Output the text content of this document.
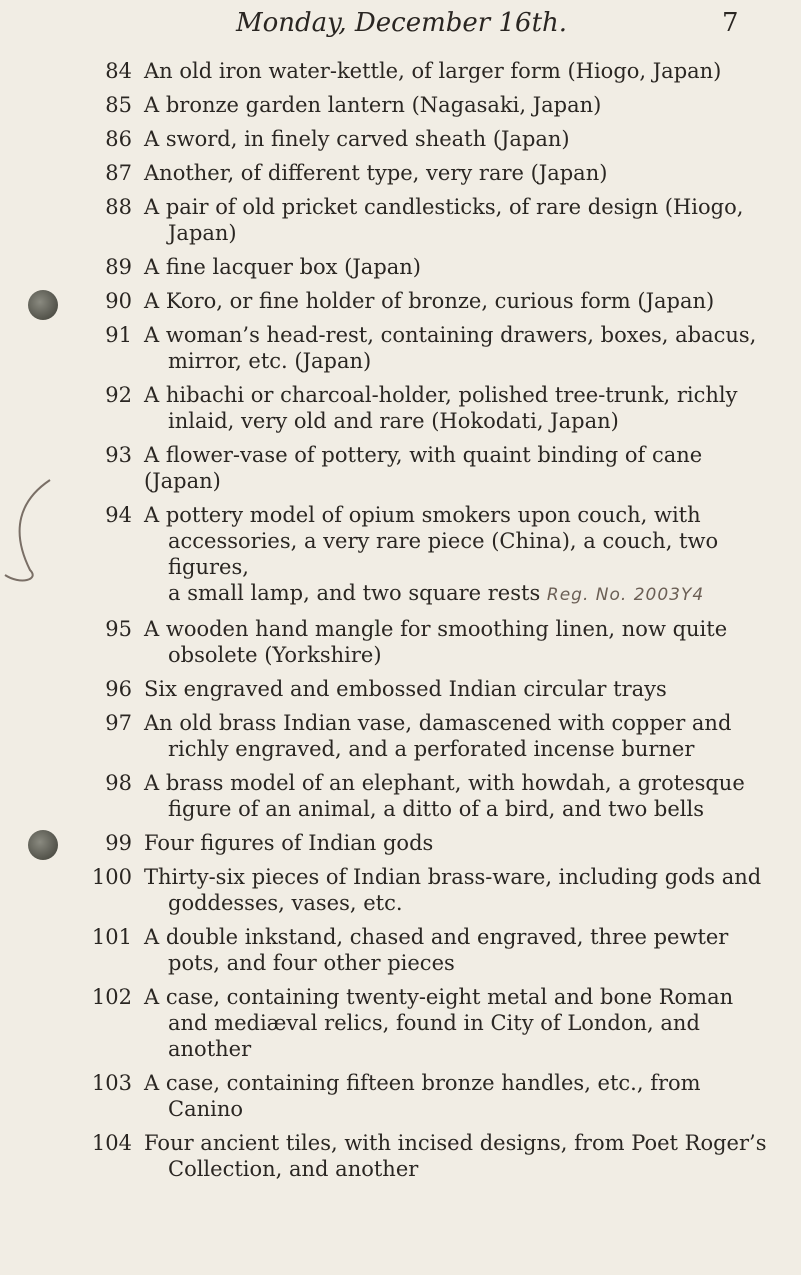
Monday, December 16th.	7
84 An old iron water-kettle, of larger form (Hiogo, Japan)
85 A bronze garden lantern (Nagasaki, Japan)
86 A sword, in finely carved sheath (Japan)
87 Another, of different type, very rare (Japan)
88 A pair of old pricket candlesticks, of rare design (Hiogo,
Japan)
89 A fine lacquer box (Japan)
90 A Koro, or fine holder of bronze, curious form (Japan)
91 A woman’s head-rest, containing drawers, boxes, abacus,
mirror, etc. (Japan)
92 A hibachi or charcoal-holder, polished tree-trunk, richly
inlaid, very old and rare (Hokodati, Japan)
93 A flower-vase of pottery, with quaint binding of cane (Japan)
94 A pottery model of opium smokers upon couch, with
accessories, a very rare piece (China), a couch, two figures,
a small lamp, and two square rests Reg. No. 2003Y4
95 A wooden hand mangle for smoothing linen, now quite
obsolete (Yorkshire)
96 Six engraved and embossed Indian circular trays
97 An old brass Indian vase, damascened with copper and
richly engraved, and a perforated incense burner
98 A brass model of an elephant, with howdah, a grotesque
figure of an animal, a ditto of a bird, and two bells
99 Four figures of Indian gods
100 Thirty-six pieces of Indian brass-ware, including gods and
goddesses, vases, etc.
101 A double inkstand, chased and engraved, three pewter
pots, and four other pieces
102 A case, containing twenty-eight metal and bone Roman
and mediæval relics, found in City of London, and
another
103 A case, containing fifteen bronze handles, etc., from
Canino
104 Four ancient tiles, with incised designs, from Poet Roger’s
Collection, and another
